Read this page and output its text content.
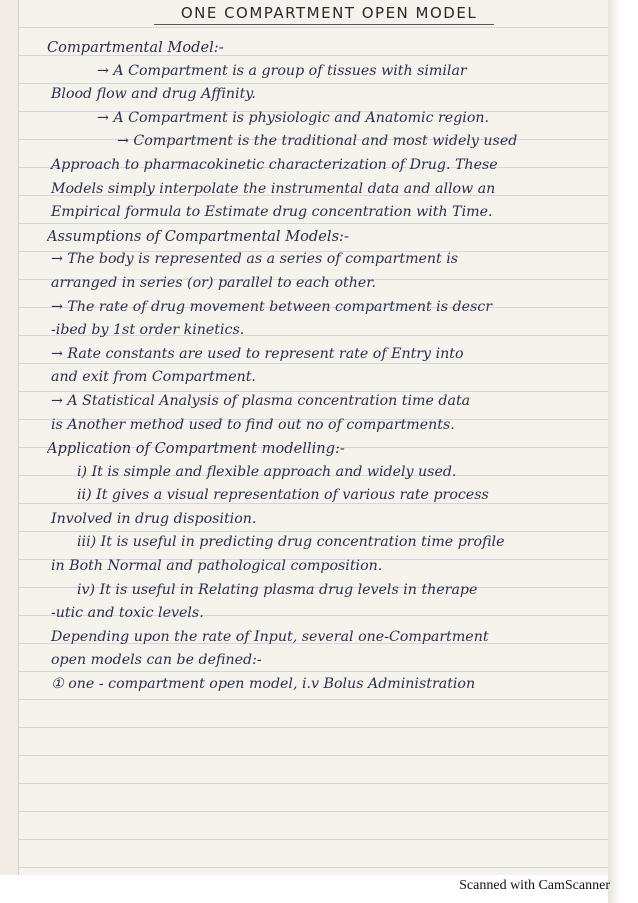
ONE COMPARTMENT OPEN MODEL
Compartmental Model:-
→ A Compartment is a group of tissues with similar
Blood flow and drug Affinity.
→ A Compartment is physiologic and Anatomic region.
→ Compartment is the traditional and most widely used
Approach to pharmacokinetic characterization of Drug. These
Models simply interpolate the instrumental data and allow an
Empirical formula to Estimate drug concentration with Time.
Assumptions of Compartmental Models:-
→ The body is represented as a series of compartment is
arranged in series (or) parallel to each other.
→ The rate of drug movement between compartment is descr
-ibed by 1st order kinetics.
→ Rate constants are used to represent rate of Entry into
and exit from Compartment.
→ A Statistical Analysis of plasma concentration time data
is Another method used to find out no of compartments.
Application of Compartment modelling:-
i) It is simple and flexible approach and widely used.
ii) It gives a visual representation of various rate process
Involved in drug disposition.
iii) It is useful in predicting drug concentration time profile
in Both Normal and pathological composition.
iv) It is useful in Relating plasma drug levels in therape
-utic and toxic levels.
Depending upon the rate of Input, several one-Compartment
open models can be defined:-
① one - compartment open model, i.v Bolus Administration
Scanned with CamScanner
